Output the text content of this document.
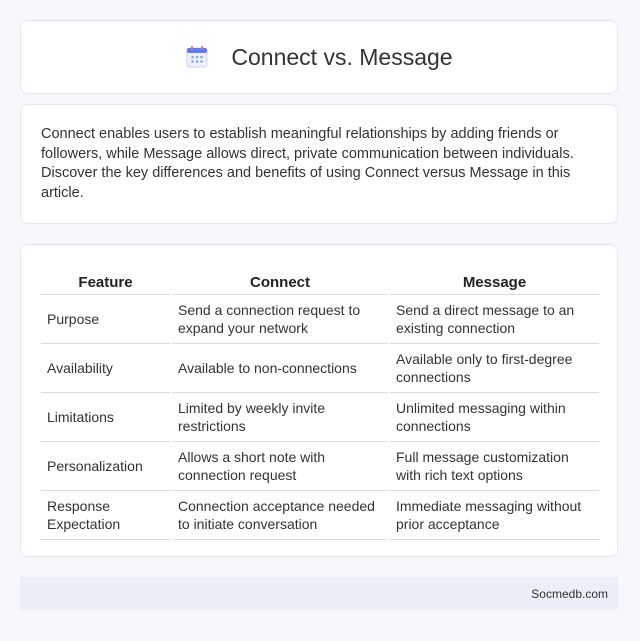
Connect vs. Message

Connect enables users to establish meaningful relationships by adding friends or followers, while Message allows direct, private communication between individuals. Discover the key differences and benefits of using Connect versus Message in this article.

Feature	Connect	Message
Purpose	Send a connection request to expand your network	Send a direct message to an existing connection
Availability	Available to non-connections	Available only to first-degree connections
Limitations	Limited by weekly invite restrictions	Unlimited messaging within connections
Personalization	Allows a short note with connection request	Full message customization with rich text options
Response Expectation	Connection acceptance needed to initiate conversation	Immediate messaging without prior acceptance
Socmedb.com
